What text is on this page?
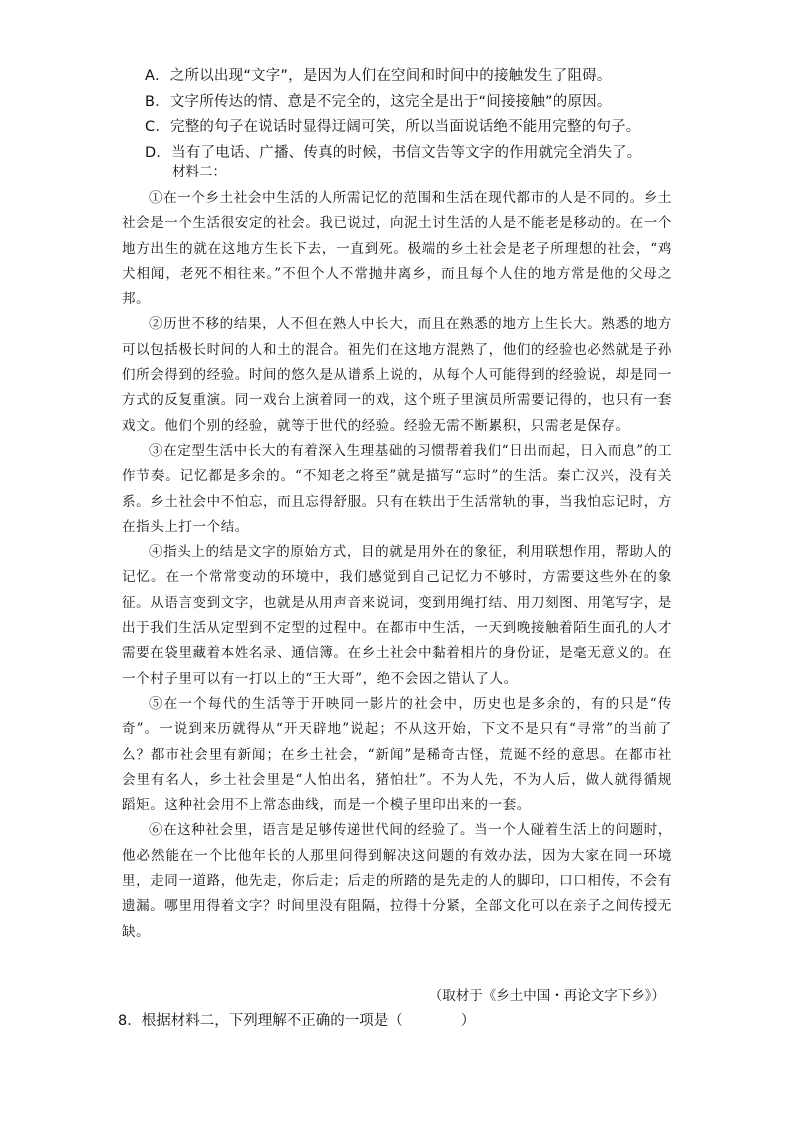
A．之所以出现“文字”，是因为人们在空间和时间中的接触发生了阻碍。
B．文字所传达的情、意是不完全的，这完全是出于“间接接触”的原因。
C．完整的句子在说话时显得迂阔可笑，所以当面说话绝不能用完整的句子。
D．当有了电话、广播、传真的时候，书信文告等文字的作用就完全消失了。
材料二：

①在一个乡土社会中生活的人所需记忆的范围和生活在现代都市的人是不同的。乡土社会是一个生活很安定的社会。我已说过，向泥土讨生活的人是不能老是移动的。在一个地方出生的就在这地方生长下去，一直到死。极端的乡土社会是老子所理想的社会，“鸡犬相闻，老死不相往来。”不但个人不常抛井离乡，而且每个人住的地方常是他的父母之邦。

②历世不移的结果，人不但在熟人中长大，而且在熟悉的地方上生长大。熟悉的地方可以包括极长时间的人和土的混合。祖先们在这地方混熟了，他们的经验也必然就是子孙们所会得到的经验。时间的悠久是从谱系上说的，从每个人可能得到的经验说，却是同一方式的反复重演。同一戏台上演着同一的戏，这个班子里演员所需要记得的，也只有一套戏文。他们个别的经验，就等于世代的经验。经验无需不断累积，只需老是保存。

③在定型生活中长大的有着深入生理基础的习惯帮着我们“日出而起，日入而息”的工作节奏。记忆都是多余的。“不知老之将至”就是描写“忘时”的生活。秦亡汉兴，没有关系。乡土社会中不怕忘，而且忘得舒服。只有在轶出于生活常轨的事，当我怕忘记时，方在指头上打一个结。

④指头上的结是文字的原始方式，目的就是用外在的象征，利用联想作用，帮助人的记忆。在一个常常变动的环境中，我们感觉到自己记忆力不够时，方需要这些外在的象征。从语言变到文字，也就是从用声音来说词，变到用绳打结、用刀刻图、用笔写字，是出于我们生活从定型到不定型的过程中。在都市中生活，一天到晚接触着陌生面孔的人才需要在袋里藏着本姓名录、通信簿。在乡土社会中黏着相片的身份证，是毫无意义的。在一个村子里可以有一打以上的“王大哥”，绝不会因之错认了人。

⑤在一个每代的生活等于开映同一影片的社会中，历史也是多余的，有的只是“传奇”。一说到来历就得从“开天辟地”说起；不从这开始，下文不是只有“寻常”的当前了么？都市社会里有新闻；在乡土社会，“新闻”是稀奇古怪，荒诞不经的意思。在都市社会里有名人，乡土社会里是“人怕出名，猪怕壮”。不为人先，不为人后，做人就得循规蹈矩。这种社会用不上常态曲线，而是一个模子里印出来的一套。

⑥在这种社会里，语言是足够传递世代间的经验了。当一个人碰着生活上的问题时，他必然能在一个比他年长的人那里问得到解决这问题的有效办法，因为大家在同一环境里，走同一道路，他先走，你后走；后走的所踏的是先走的人的脚印，口口相传，不会有遗漏。哪里用得着文字？时间里没有阻隔，拉得十分紧，全部文化可以在亲子之间传授无缺。

（取材于《乡土中国・再论文字下乡》）
8．根据材料二，下列理解不正确的一项是（　　　　）
